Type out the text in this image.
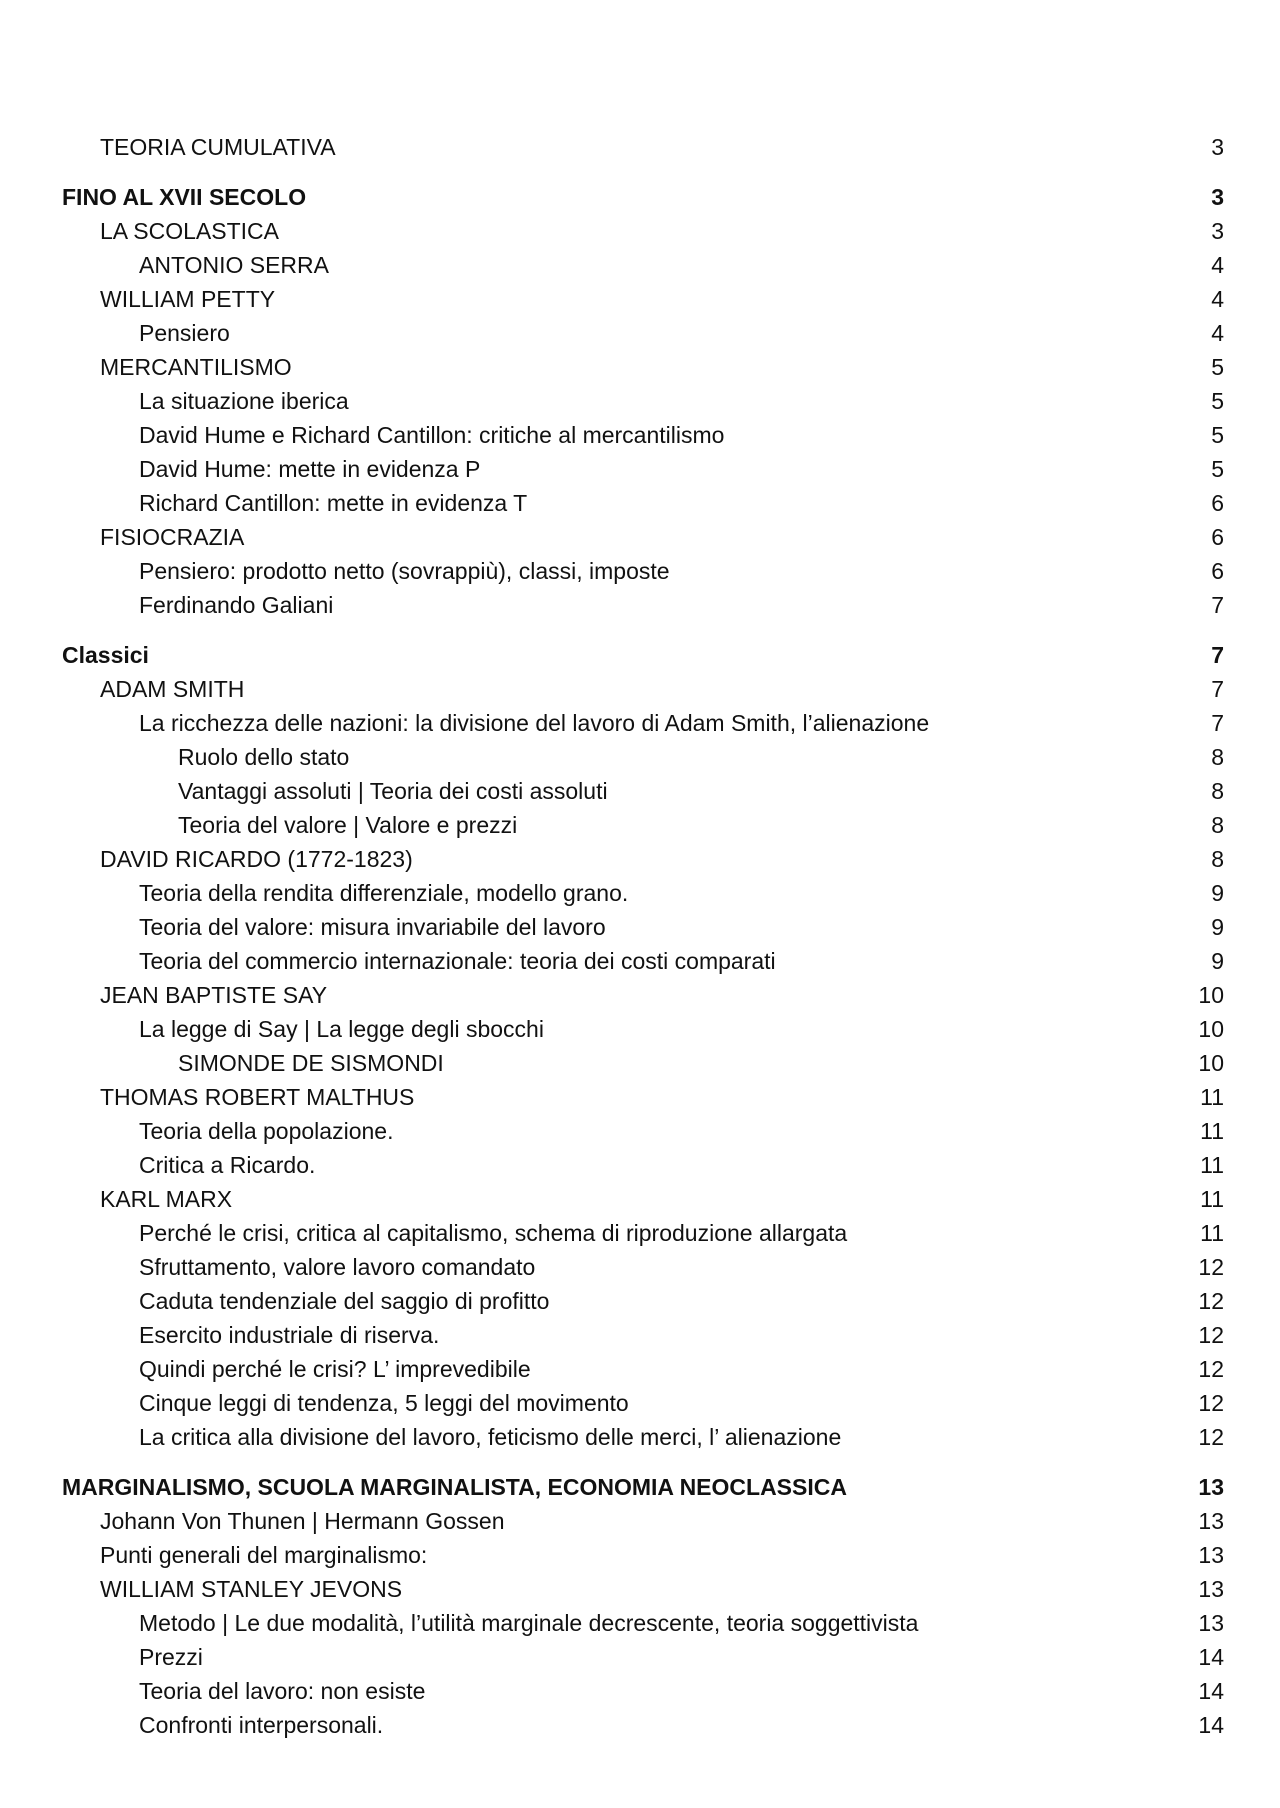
TEORIA CUMULATIVA	3
FINO AL XVII SECOLO	3
LA SCOLASTICA	3
ANTONIO SERRA	4
WILLIAM PETTY	4
Pensiero	4
MERCANTILISMO	5
La situazione iberica	5
David Hume e Richard Cantillon: critiche al mercantilismo	5
David Hume: mette in evidenza P	5
Richard Cantillon: mette in evidenza T	6
FISIOCRAZIA	6
Pensiero: prodotto netto (sovrappiù), classi, imposte	6
Ferdinando Galiani	7
Classici	7
ADAM SMITH	7
La ricchezza delle nazioni: la divisione del lavoro di Adam Smith, l’alienazione	7
Ruolo dello stato	8
Vantaggi assoluti | Teoria dei costi assoluti	8
Teoria del valore | Valore e prezzi	8
DAVID RICARDO (1772-1823)	8
Teoria della rendita differenziale, modello grano.	9
Teoria del valore: misura invariabile del lavoro	9
Teoria del commercio internazionale: teoria dei costi comparati	9
JEAN BAPTISTE SAY	10
La legge di Say | La legge degli sbocchi	10
SIMONDE DE SISMONDI	10
THOMAS ROBERT MALTHUS	11
Teoria della popolazione.	11
Critica a Ricardo.	11
KARL MARX	11
Perché le crisi, critica al capitalismo, schema di riproduzione allargata	11
Sfruttamento, valore lavoro comandato	12
Caduta tendenziale del saggio di profitto	12
Esercito industriale di riserva.	12
Quindi perché le crisi? L’ imprevedibile	12
Cinque leggi di tendenza, 5 leggi del movimento	12
La critica alla divisione del lavoro, feticismo delle merci, l’ alienazione	12
MARGINALISMO, SCUOLA MARGINALISTA, ECONOMIA NEOCLASSICA	13
Johann Von Thunen | Hermann Gossen	13
Punti generali del marginalismo:	13
WILLIAM STANLEY JEVONS	13
Metodo | Le due modalità, l’utilità marginale decrescente, teoria soggettivista	13
Prezzi	14
Teoria del lavoro: non esiste	14
Confronti interpersonali.	14
